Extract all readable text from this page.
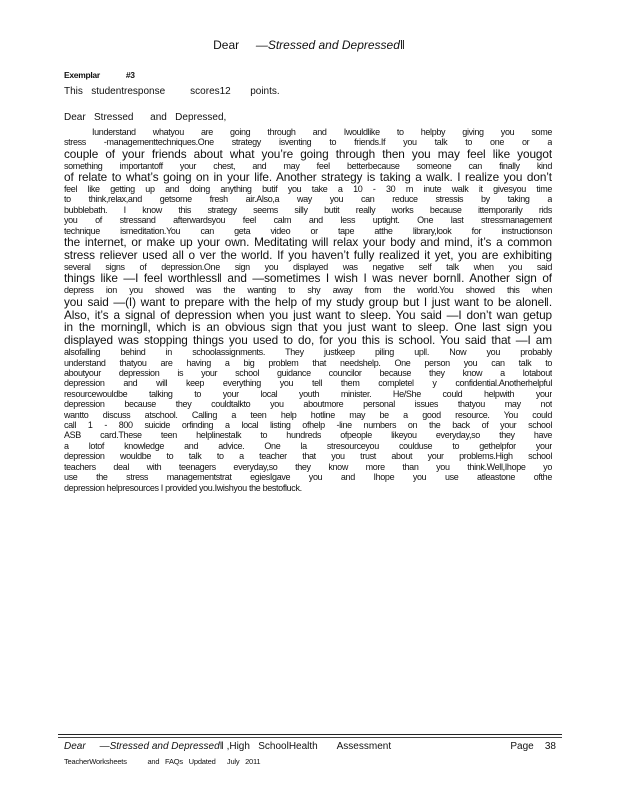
Dear —Stressed and Depressed‖
Exemplar	#3
This   studentresponse         scores12       points.

Dear   Stressed      and   Depressed,

Iunderstand whatyou are going through and Iwouldlike to helpby giving you some

stress -managementtechniques.One strategy isventing to friends.If you talk to one or a

couple of your friends about what you’re going through then you may feel like yougot

something importantoff your chest, and may feel betterbecause someone can finally kind

of relate to what’s going on in your life. Another strategy is taking a walk. I realize you don’t

feel like getting up and doing anything butif you take a 10 - 30 m inute walk it givesyou time

to think,relax,and getsome fresh air.Also,a way you can reduce stressis by taking a

bubblebath. I know this strategy seems silly butit really works because ittemporarily rids

you of stressand afterwardsyou feel calm and less uptight. One last stressmanagement

technique ismeditation.You can geta video or tape atthe library,look for instructionson

the internet, or make up your own. Meditating will relax your body and mind, it’s a common

stress reliever used all o ver the world. If you haven’t fully realized it yet, you are exhibiting

several signs of depression.One sign you displayed was negative self talk when you said

things like —I feel worthless‖ and —sometimes I wish I was never born‖. Another sign of

depress ion you showed was the wanting to shy away from the world.You showed this when

you said —(I) want to prepare with the help of my study group but I just want to be alone‖.

Also, it’s a signal of depression when you just want to sleep. You said —I don’t wan getup

in the morning‖, which is an obvious sign that you just want to sleep. One last sign you

displayed was stopping things you used to do, for you this is school. You said that —I am

alsofalling behind in schoolassignments. They justkeep piling up‖. Now you probably

understand thatyou are having a big problem that needshelp. One person you can talk to

aboutyour depression is your school guidance councilor because they know a lotabout

depression and will keep everything you tell them completel y confidential.Anotherhelpful

resourcewouldbe talking to your local youth minister. He/She could helpwith your

depression because they couldtalkto you aboutmore personal issues thatyou may not

wantto discuss atschool. Calling a teen help hotline may be a good resource. You could

call 1 - 800 suicide orfinding a local listing ofhelp -line numbers on the back of your school

ASB card.These teen helplinestalk to hundreds ofpeople likeyou everyday,so they have

a lotof knowledge and advice. One la stresourceyou coulduse to gethelpfor your

depression wouldbe to talk to a teacher that you trust about your problems.High school

teachers deal with teenagers everyday,so they know more than you think.Well,Ihope yo

use the stress managementstrat egiesIgave you and Ihope you use atleastone ofthe

depression helpresources I provided you.Iwishyou the bestofluck.

Dear —Stressed and Depressed‖ ,High   SchoolHealth       Assessment	Page 38
TeacherWorksheets           and   FAQs   Updated      July   2011
